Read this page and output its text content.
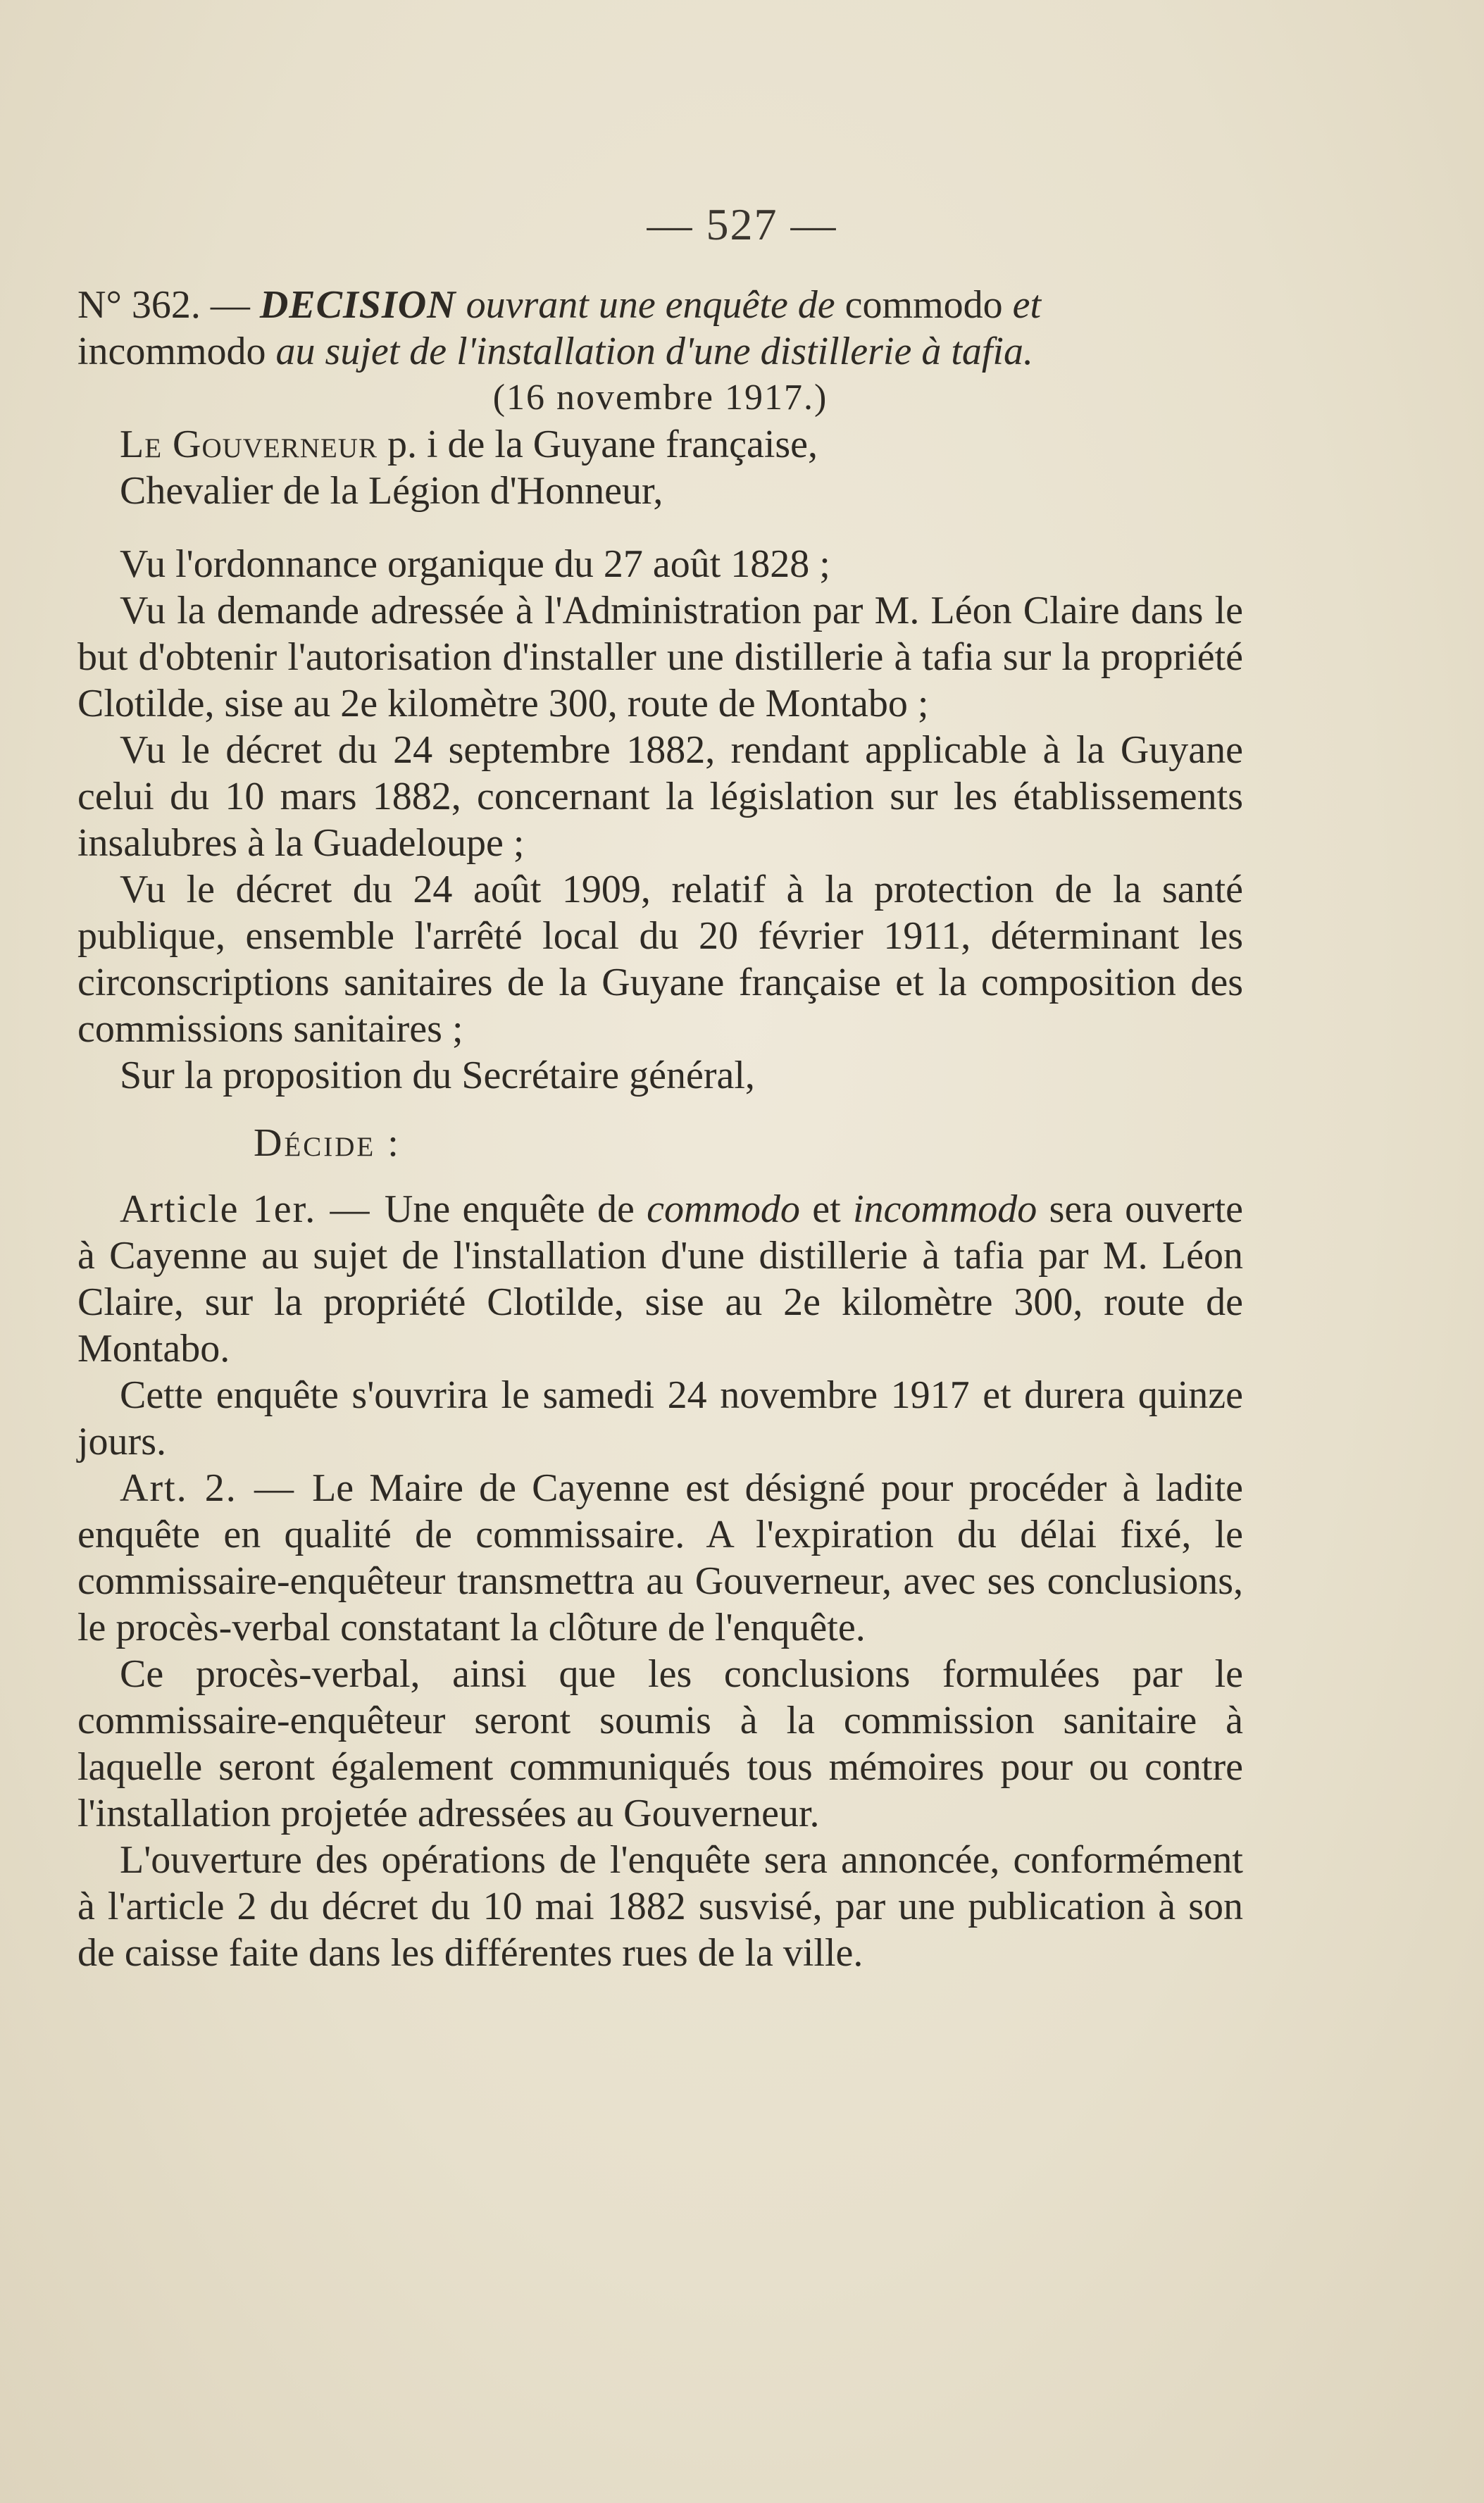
— 527 —

N° 362. — DECISION ouvrant une enquête de commodo et
incommodo au sujet de l'installation d'une distillerie à tafia.

(16 novembre 1917.)

Le Gouverneur p. i de la Guyane française,

Chevalier de la Légion d'Honneur,

Vu l'ordonnance organique du 27 août 1828 ;

Vu la demande adressée à l'Administration par M. Léon Claire dans le but d'obtenir l'autorisation d'installer une distillerie à tafia sur la propriété Clotilde, sise au 2e kilomètre 300, route de Montabo ;

Vu le décret du 24 septembre 1882, rendant applicable à la Guyane celui du 10 mars 1882, concernant la législation sur les établissements insalubres à la Guadeloupe ;

Vu le décret du 24 août 1909, relatif à la protection de la santé publique, ensemble l'arrêté local du 20 février 1911, déterminant les circonscriptions sanitaires de la Guyane française et la composition des commissions sanitaires ;

Sur la proposition du Secrétaire général,

Décide :

Article 1er. — Une enquête de commodo et incommodo sera ouverte à Cayenne au sujet de l'installation d'une distillerie à tafia par M. Léon Claire, sur la propriété Clotilde, sise au 2e kilomètre 300, route de Montabo.

Cette enquête s'ouvrira le samedi 24 novembre 1917 et durera quinze jours.

Art. 2. — Le Maire de Cayenne est désigné pour procéder à ladite enquête en qualité de commissaire. A l'expiration du délai fixé, le commissaire-enquêteur transmettra au Gouverneur, avec ses conclusions, le procès-verbal constatant la clôture de l'enquête.

Ce procès-verbal, ainsi que les conclusions formulées par le commissaire-enquêteur seront soumis à la commission sanitaire à laquelle seront également communiqués tous mémoires pour ou contre l'installation projetée adressées au Gouverneur.

L'ouverture des opérations de l'enquête sera annoncée, conformément à l'article 2 du décret du 10 mai 1882 susvisé, par une publication à son de caisse faite dans les différentes rues de la ville.
